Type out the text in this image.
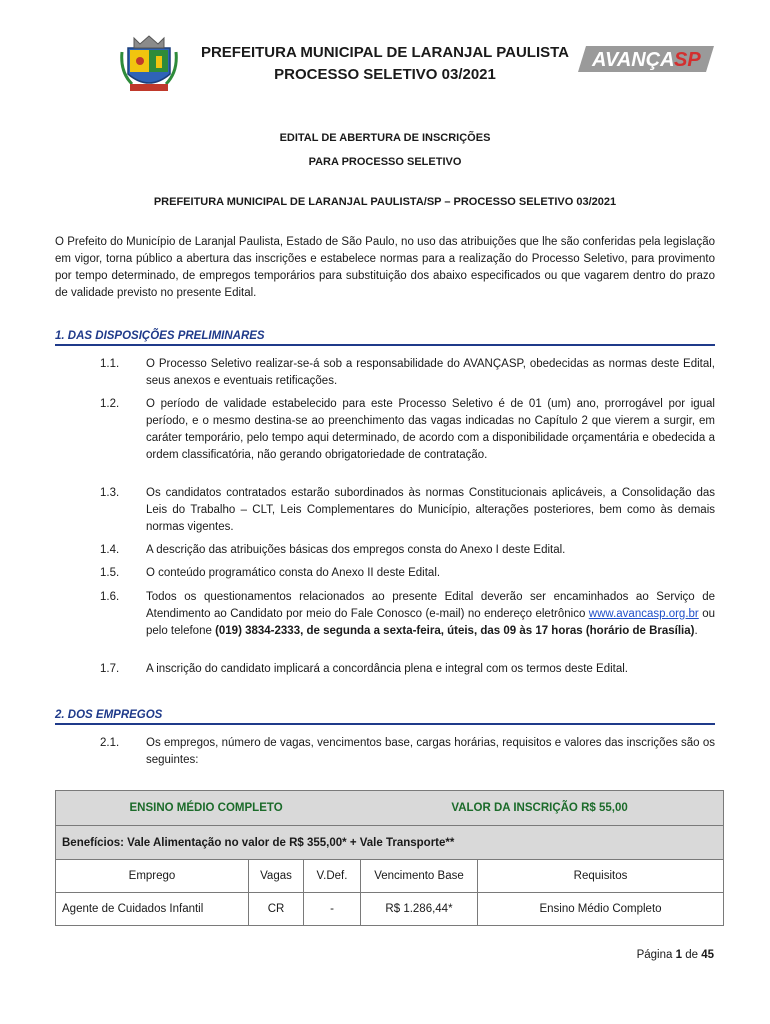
PREFEITURA MUNICIPAL DE LARANJAL PAULISTA
PROCESSO SELETIVO 03/2021
AVANÇA SP
EDITAL DE ABERTURA DE INSCRIÇÕES
PARA PROCESSO SELETIVO
PREFEITURA MUNICIPAL DE LARANJAL PAULISTA/SP – PROCESSO SELETIVO 03/2021
O Prefeito do Município de Laranjal Paulista, Estado de São Paulo, no uso das atribuições que lhe são conferidas pela legislação em vigor, torna público a abertura das inscrições e estabelece normas para a realização do Processo Seletivo, para provimento por tempo determinado, de empregos temporários para substituição dos abaixo especificados ou que vagarem dentro do prazo de validade previsto no presente Edital.
1. DAS DISPOSIÇÕES PRELIMINARES
1.1. O Processo Seletivo realizar-se-á sob a responsabilidade do AVANÇASP, obedecidas as normas deste Edital, seus anexos e eventuais retificações.
1.2. O período de validade estabelecido para este Processo Seletivo é de 01 (um) ano, prorrogável por igual período, e o mesmo destina-se ao preenchimento das vagas indicadas no Capítulo 2 que vierem a surgir, em caráter temporário, pelo tempo aqui determinado, de acordo com a disponibilidade orçamentária e obedecida a ordem classificatória, não gerando obrigatoriedade de contratação.
1.3. Os candidatos contratados estarão subordinados às normas Constitucionais aplicáveis, a Consolidação das Leis do Trabalho – CLT, Leis Complementares do Município, alterações posteriores, bem como às demais normas vigentes.
1.4. A descrição das atribuições básicas dos empregos consta do Anexo I deste Edital.
1.5. O conteúdo programático consta do Anexo II deste Edital.
1.6. Todos os questionamentos relacionados ao presente Edital deverão ser encaminhados ao Serviço de Atendimento ao Candidato por meio do Fale Conosco (e-mail) no endereço eletrônico www.avancasp.org.br ou pelo telefone (019) 3834-2333, de segunda a sexta-feira, úteis, das 09 às 17 horas (horário de Brasília).
1.7. A inscrição do candidato implicará a concordância plena e integral com os termos deste Edital.
2. DOS EMPREGOS
2.1. Os empregos, número de vagas, vencimentos base, cargas horárias, requisitos e valores das inscrições são os seguintes:
ENSINO MÉDIO COMPLETO VALOR DA INSCRIÇÃO R$ 55,00				

Benefícios: Vale Alimentação no valor de R$ 355,00* + Vale Transporte**				
Emprego	Vagas	V.Def.	Vencimento Base	Requisitos
Agente de Cuidados Infantil	CR	-	R$ 1.286,44*	Ensino Médio Completo
Página 1 de 45
